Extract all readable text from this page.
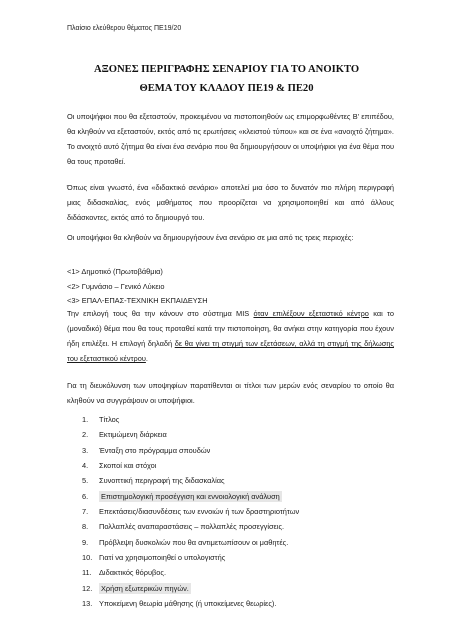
Πλαίσιο ελεύθερου θέματος ΠΕ19/20
ΑΞΟΝΕΣ ΠΕΡΙΓΡΑΦΗΣ ΣΕΝΑΡΙΟΥ ΓΙΑ ΤΟ ΑΝΟΙΚΤΟ
ΘΕΜΑ ΤΟΥ ΚΛΑΔΟΥ ΠΕ19 & ΠΕ20
Οι υποψήφιοι που θα εξεταστούν, προκειμένου να πιστοποιηθούν ως επιμορφωθέντες Β' επιπέδου, θα κληθούν να εξεταστούν, εκτός από τις ερωτήσεις «κλειστού τύπου» και σε ένα «ανοιχτό ζήτημα». Το ανοιχτό αυτό ζήτημα θα είναι ένα σενάριο που θα δημιουργήσουν οι υποψήφιοι για ένα θέμα που θα τους προταθεί.
Όπως είναι γνωστό, ένα «διδακτικό σενάριο» αποτελεί μια όσο το δυνατόν πιο πλήρη περιγραφή μιας διδασκαλίας, ενός μαθήματος που προορίζεται να χρησιμοποιηθεί και από άλλους διδάσκοντες, εκτός από το δημιουργό του.
Οι υποψήφιοι θα κληθούν να δημιουργήσουν ένα σενάριο σε μια από τις τρεις περιοχές:
<1> Δημοτικό (Πρωτοβάθμια)
<2> Γυμνάσιο – Γενικό Λύκειο
<3> ΕΠΑΛ-ΕΠΑΣ-ΤΕΧΝΙΚΗ ΕΚΠΑΙΔΕΥΣΗ
Την επιλογή τους θα την κάνουν στο σύστημα MIS όταν επιλέξουν εξεταστικό κέντρο και το (μοναδικό) θέμα που θα τους προταθεί κατά την πιστοποίηση, θα ανήκει στην κατηγορία που έχουν ήδη επιλέξει. Η επιλογή δηλαδή δε θα γίνει τη στιγμή των εξετάσεων, αλλά τη στιγμή της δήλωσης του εξεταστικού κέντρου.
Για τη διευκόλυνση των υποψηφίων παρατίθενται οι τίτλοι των μερών ενός σεναρίου το οποίο θα κληθούν να συγγράψουν οι υποψήφιοι.
1. Τίτλος
2. Εκτιμώμενη διάρκεια
3. Ένταξη στο πρόγραμμα σπουδών
4. Σκοποί και στόχοι
5. Συνοπτική περιγραφή της διδασκαλίας
6. Επιστημολογική προσέγγιση και εννοιολογική ανάλυση
7. Επεκτάσεις/διασυνδέσεις των εννοιών ή των δραστηριοτήτων
8. Πολλαπλές αναπαραστάσεις – πολλαπλές προσεγγίσεις.
9. Πρόβλεψη δυσκολιών που θα αντιμετωπίσουν οι μαθητές.
10. Γιατί να χρησιμοποιηθεί ο υπολογιστής
11. Διδακτικός θόρυβος.
12. Χρήση εξωτερικών πηγών.
13. Υποκείμενη θεωρία μάθησης (ή υποκείμενες θεωρίες).
